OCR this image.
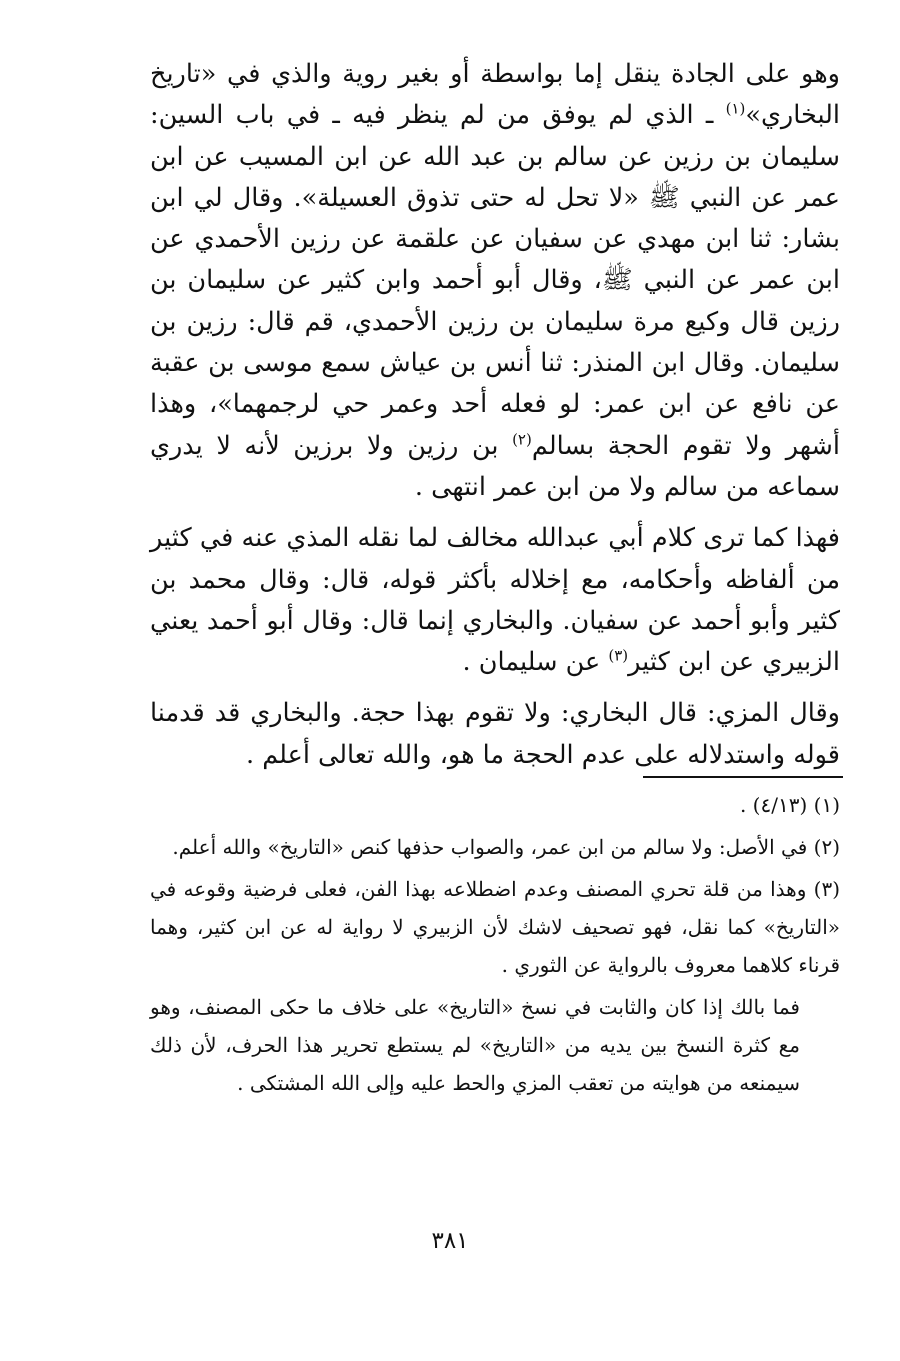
وهو على الجادة ينقل إما بواسطة أو بغير روية والذي في «تاريخ البخاري»$^{(١)}$ ـ الذي لم يوفق من لم ينظر فيه ـ في باب السين: سليمان بن رزين عن سالم بن عبد الله عن ابن المسيب عن ابن عمر عن النبي ﷺ «لا تحل له حتى تذوق العسيلة». وقال لي ابن بشار: ثنا ابن مهدي عن سفيان عن علقمة عن رزين الأحمدي عن ابن عمر عن النبي ﷺ، وقال أبو أحمد وابن كثير عن سليمان بن رزين قال وكيع مرة سليمان بن رزين الأحمدي، قم قال: رزين بن سليمان. وقال ابن المنذر: ثنا أنس بن عياش سمع موسى بن عقبة عن نافع عن ابن عمر: لو فعله أحد وعمر حي لرجمهما»، وهذا أشهر ولا تقوم الحجة بسالم$^{(٢)}$ بن رزين ولا برزين لأنه لا يدري سماعه من سالم ولا من ابن عمر انتهى .

فهذا كما ترى كلام أبي عبدالله مخالف لما نقله المذي عنه في كثير من ألفاظه وأحكامه، مع إخلاله بأكثر قوله، قال: وقال محمد بن كثير وأبو أحمد عن سفيان. والبخاري إنما قال: وقال أبو أحمد يعني الزبيري عن ابن كثير$^{(٣)}$ عن سليمان .

وقال المزي: قال البخاري: ولا تقوم بهذا حجة. والبخاري قد قدمنا قوله واستدلاله على عدم الحجة ما هو، والله تعالى أعلم .

(١) (٤/١٣) .

(٢) في الأصل: ولا سالم من ابن عمر، والصواب حذفها كنص «التاريخ» والله أعلم.

(٣) وهذا من قلة تحري المصنف وعدم اضطلاعه بهذا الفن، فعلى فرضية وقوعه في «التاريخ» كما نقل، فهو تصحيف لاشك لأن الزبيري لا رواية له عن ابن كثير، وهما قرناء كلاهما معروف بالرواية عن الثوري .

فما بالك إذا كان والثابت في نسخ «التاريخ» على خلاف ما حكى المصنف، وهو مع كثرة النسخ بين يديه من «التاريخ» لم يستطع تحرير هذا الحرف، لأن ذلك سيمنعه من هوايته من تعقب المزي والحط عليه وإلى الله المشتكى .

٣٨١
